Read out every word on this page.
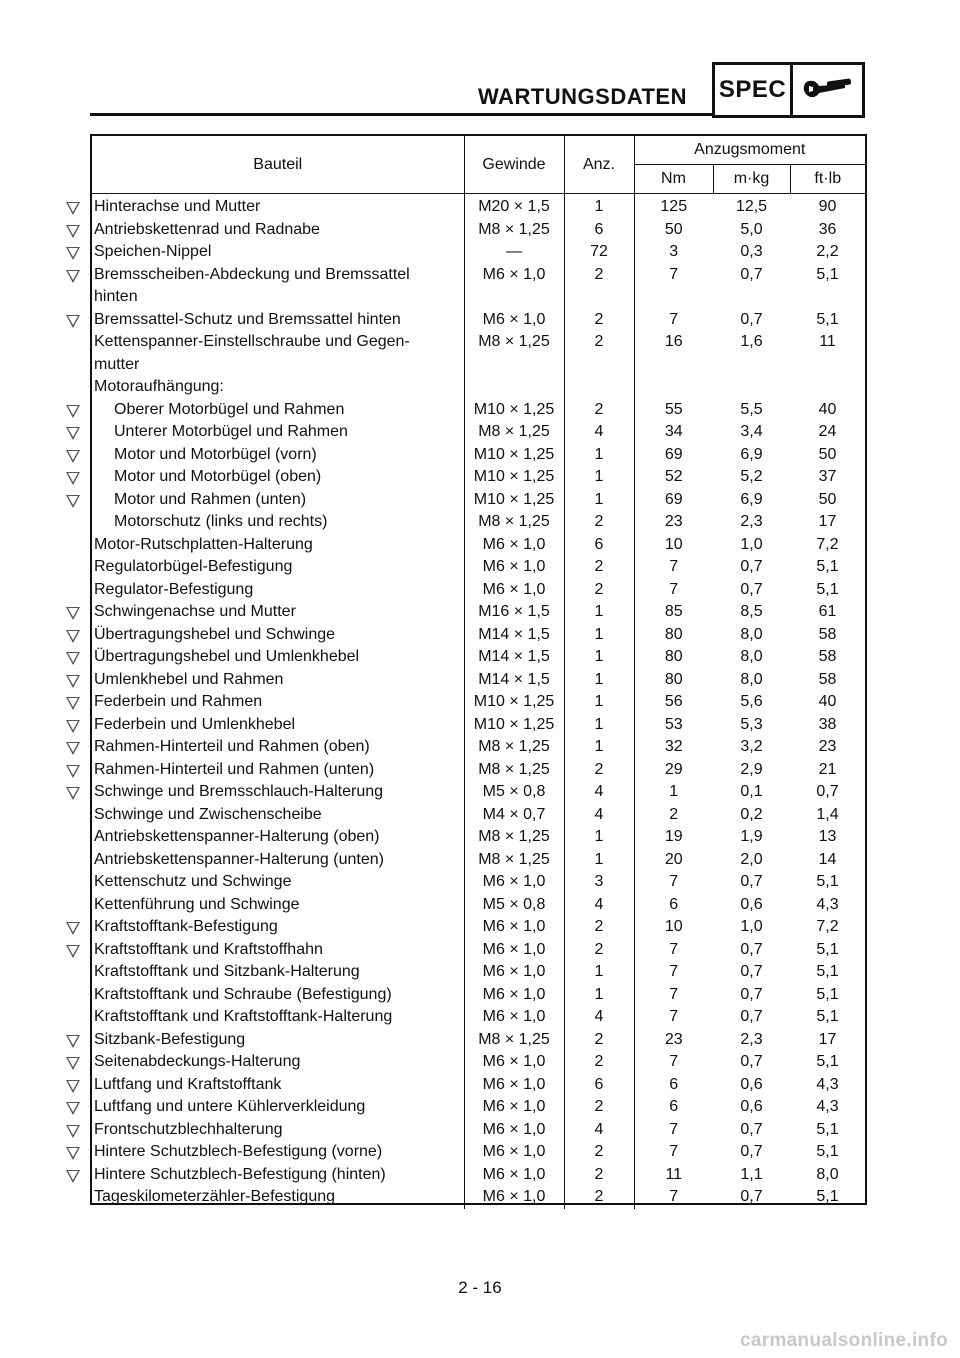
WARTUNGSDATEN SPEC
Bauteil	Gewinde	Anz.	Anzugsmoment		
			Nm	m·kg	ft·lb
Hinterachse und Mutter	M20 × 1,5	1	125	12,5	90
Antriebskettenrad und Radnabe	M8 × 1,25	6	50	5,0	36
Speichen-Nippel	—	72	3	0,3	2,2
Bremsscheiben-Abdeckung und Bremssattel
hinten	M6 × 1,0	2	7	0,7	5,1
Bremssattel-Schutz und Bremssattel hinten	M6 × 1,0	2	7	0,7	5,1
Kettenspanner-Einstellschraube und Gegen-
mutter	M8 × 1,25	2	16	1,6	11
Motoraufhängung:					
Oberer Motorbügel und Rahmen	M10 × 1,25	2	55	5,5	40
Unterer Motorbügel und Rahmen	M8 × 1,25	4	34	3,4	24
Motor und Motorbügel (vorn)	M10 × 1,25	1	69	6,9	50
Motor und Motorbügel (oben)	M10 × 1,25	1	52	5,2	37
Motor und Rahmen (unten)	M10 × 1,25	1	69	6,9	50
Motorschutz (links und rechts)	M8 × 1,25	2	23	2,3	17
Motor-Rutschplatten-Halterung	M6 × 1,0	6	10	1,0	7,2
Regulatorbügel-Befestigung	M6 × 1,0	2	7	0,7	5,1
Regulator-Befestigung	M6 × 1,0	2	7	0,7	5,1
Schwingenachse und Mutter	M16 × 1,5	1	85	8,5	61
Übertragungshebel und Schwinge	M14 × 1,5	1	80	8,0	58
Übertragungshebel und Umlenkhebel	M14 × 1,5	1	80	8,0	58
Umlenkhebel und Rahmen	M14 × 1,5	1	80	8,0	58
Federbein und Rahmen	M10 × 1,25	1	56	5,6	40
Federbein und Umlenkhebel	M10 × 1,25	1	53	5,3	38
Rahmen-Hinterteil und Rahmen (oben)	M8 × 1,25	1	32	3,2	23
Rahmen-Hinterteil und Rahmen (unten)	M8 × 1,25	2	29	2,9	21
Schwinge und Bremsschlauch-Halterung	M5 × 0,8	4	1	0,1	0,7
Schwinge und Zwischenscheibe	M4 × 0,7	4	2	0,2	1,4
Antriebskettenspanner-Halterung (oben)	M8 × 1,25	1	19	1,9	13
Antriebskettenspanner-Halterung (unten)	M8 × 1,25	1	20	2,0	14
Kettenschutz und Schwinge	M6 × 1,0	3	7	0,7	5,1
Kettenführung und Schwinge	M5 × 0,8	4	6	0,6	4,3
Kraftstofftank-Befestigung	M6 × 1,0	2	10	1,0	7,2
Kraftstofftank und Kraftstoffhahn	M6 × 1,0	2	7	0,7	5,1
Kraftstofftank und Sitzbank-Halterung	M6 × 1,0	1	7	0,7	5,1
Kraftstofftank und Schraube (Befestigung)	M6 × 1,0	1	7	0,7	5,1
Kraftstofftank und Kraftstofftank-Halterung	M6 × 1,0	4	7	0,7	5,1
Sitzbank-Befestigung	M8 × 1,25	2	23	2,3	17
Seitenabdeckungs-Halterung	M6 × 1,0	2	7	0,7	5,1
Luftfang und Kraftstofftank	M6 × 1,0	6	6	0,6	4,3
Luftfang und untere Kühlerverkleidung	M6 × 1,0	2	6	0,6	4,3
Frontschutzblechhalterung	M6 × 1,0	4	7	0,7	5,1
Hintere Schutzblech-Befestigung (vorne)	M6 × 1,0	2	7	0,7	5,1
Hintere Schutzblech-Befestigung (hinten)	M6 × 1,0	2	11	1,1	8,0
Tageskilometerzähler-Befestigung	M6 × 1,0	2	7	0,7	5,1
2 - 16
carmanualsonline.info
